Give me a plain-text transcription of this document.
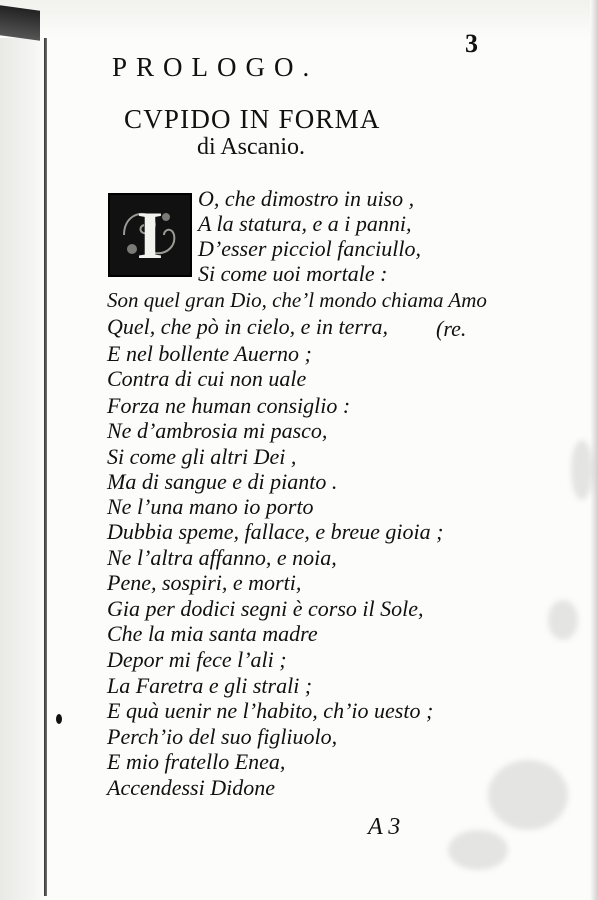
3
PROLOGO.
CVPIDO IN FORMA
di Ascanio.
I	O, che dimostro in uiso ,
A la statura, e a i panni,
D’esser picciol fanciullo,
Si come uoi mortale :
Son quel gran Dio, che’l mondo chiama Amo
Quel, che pò in cielo, e in terra, (re.
E nel bollente Auerno ;
Contra di cui non uale
Forza ne human consiglio :
Ne d’ambrosia mi pasco,
Si come gli altri Dei ,
Ma di sangue e di pianto .
Ne l’una mano io porto
Dubbia speme, fallace, e breue gioia ;
Ne l’altra affanno, e noia,
Pene, sospiri, e morti,
Gia per dodici segni è corso il Sole,
Che la mia santa madre
Depor mi fece l’ali ;
La Faretra e gli strali ;
E quà uenir ne l’habito, ch’io uesto ;
Perch’io del suo figliuolo,
E mio fratello Enea,
Accendessi Didone
A 3
